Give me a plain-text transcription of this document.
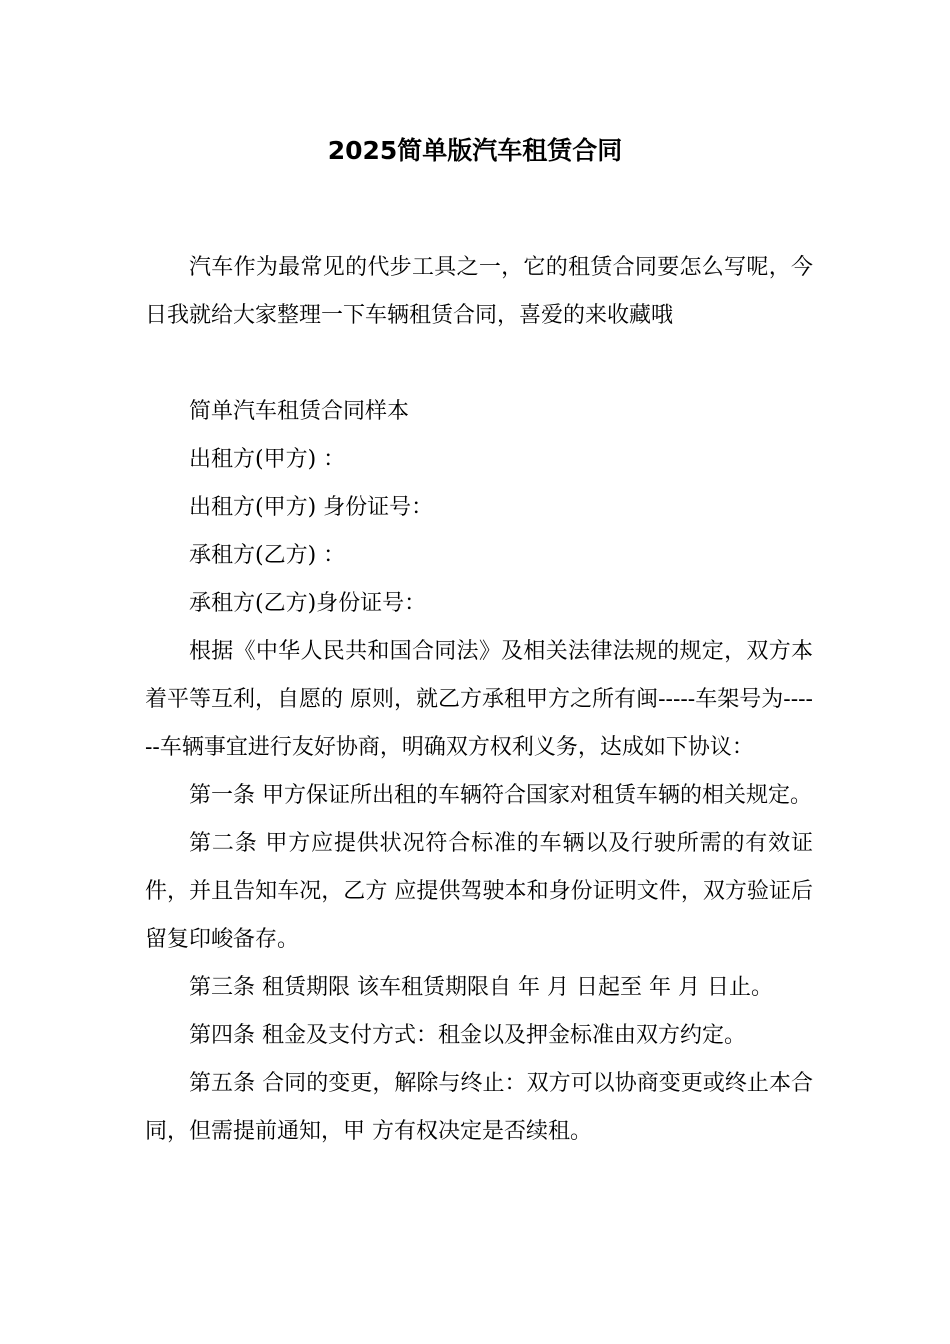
2025简单版汽车租赁合同

汽车作为最常见的代步工具之一，它的租赁合同要怎么写呢，今日我就给大家整理一下车辆租赁合同，喜爱的来收藏哦

简单汽车租赁合同样本

出租方(甲方) ：

出租方(甲方) 身份证号：

承租方(乙方) ：

承租方(乙方)身份证号：

根据《中华人民共和国合同法》及相关法律法规的规定，双方本着平等互利，自愿的 原则，就乙方承租甲方之所有闽-----车架号为------车辆事宜进行友好协商，明确双方权利义务，达成如下协议：

第一条 甲方保证所出租的车辆符合国家对租赁车辆的相关规定。

第二条 甲方应提供状况符合标准的车辆以及行驶所需的有效证件，并且告知车况，乙方 应提供驾驶本和身份证明文件，双方验证后留复印峻备存。

第三条 租赁期限 该车租赁期限自 年 月 日起至 年 月 日止。

第四条 租金及支付方式：租金以及押金标准由双方约定。

第五条 合同的变更，解除与终止：双方可以协商变更或终止本合同，但需提前通知，甲 方有权决定是否续租。
